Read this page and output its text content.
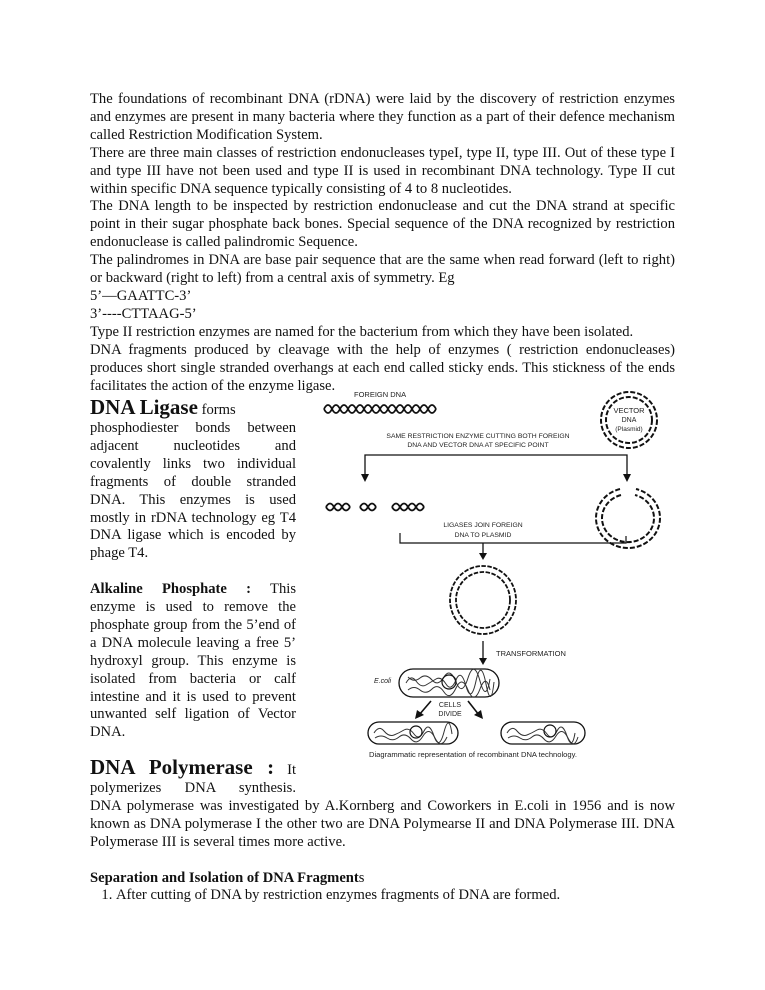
The foundations of recombinant DNA (rDNA) were laid by the discovery of restriction enzymes and enzymes are present in many bacteria where they function as a part of their defence mechanism called Restriction Modification System.

There are three main classes of restriction endonucleases typeI, type II, type III. Out of these type I and type III have not been used and type II is used in recombinant DNA technology. Type II cut within specific DNA sequence typically consisting of 4 to 8 nucleotides.

The DNA length to be inspected by restriction endonuclease and cut the DNA strand at specific point in their sugar phosphate back bones. Special sequence of the DNA recognized by restriction endonuclease is called palindromic Sequence.

The palindromes in DNA are base pair sequence that are the same when read forward (left to right) or backward (right to left) from a central axis of symmetry. Eg

5’—GAATTC-3’

3’----CTTAAG-5’

Type II restriction enzymes are named for the bacterium from which they have been isolated.

DNA fragments produced by cleavage with the help of enzymes ( restriction endonucleases) produces short single stranded overhangs at each end called sticky ends. This stickness of the ends facilitates the action of the enzyme ligase.

DNA Ligase forms

phosphodiester bonds between adjacent nucleotides and covalently links two individual fragments of double stranded DNA. This enzymes is used mostly in rDNA technology eg T4 DNA ligase which is encoded by phage T4.

Alkaline Phosphate : This enzyme is used to remove the phosphate group from the 5’end of a DNA molecule leaving a free 5’ hydroxyl group. This enzyme is isolated from bacteria or calf intestine and it is used to prevent unwanted self ligation of Vector DNA.

FOREIGN DNA
VECTOR
DNA
(Plasmid)
SAME RESTRICTION ENZYME CUTTING BOTH FOREIGN
DNA AND VECTOR DNA AT SPECIFIC POINT
LIGASES JOIN FOREIGN
DNA TO PLASMID
TRANSFORMATION
E.coli
CELLS
DIVIDE
Diagrammatic representation of recombinant DNA technology.

DNA Polymerase : It

polymerizes DNA synthesis.

DNA polymerase was investigated by A.Kornberg and Coworkers in E.coli in 1956 and is now known as DNA polymerase I the other two are DNA Polymearse II and DNA Polymerase III. DNA Polymerase III is several times more active.

Separation and Isolation of DNA Fragments
1. After cutting of DNA by restriction enzymes fragments of DNA are formed.
